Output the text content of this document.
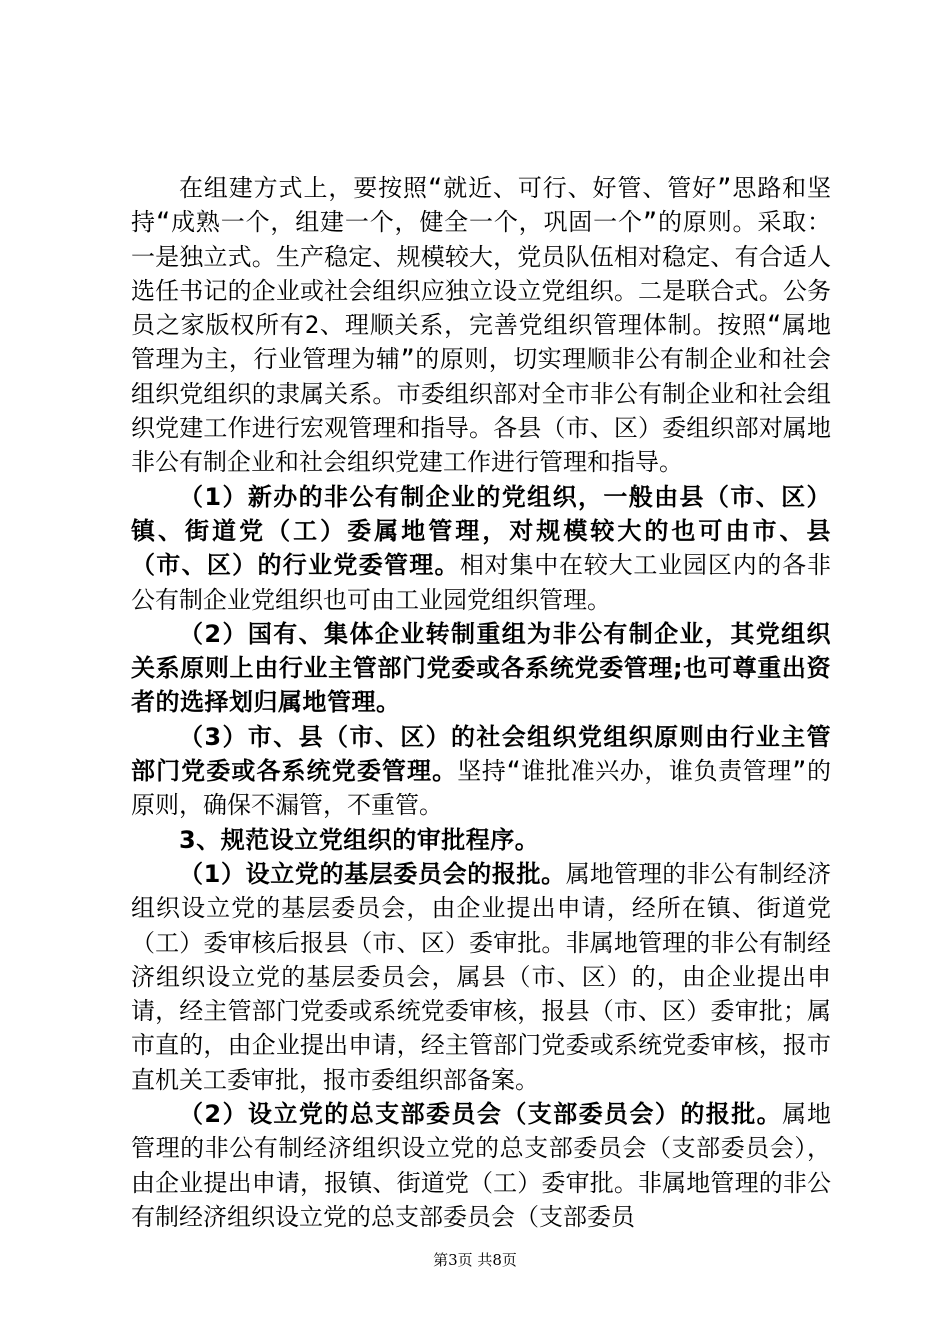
在组建方式上，要按照“就近、可行、好管、管好”思路和坚持“成熟一个，组建一个，健全一个，巩固一个”的原则。采取：一是独立式。生产稳定、规模较大，党员队伍相对稳定、有合适人选任书记的企业或社会组织应独立设立党组织。二是联合式。公务员之家版权所有2、理顺关系，完善党组织管理体制。按照“属地管理为主，行业管理为辅”的原则，切实理顺非公有制企业和社会组织党组织的隶属关系。市委组织部对全市非公有制企业和社会组织党建工作进行宏观管理和指导。各县（市、区）委组织部对属地非公有制企业和社会组织党建工作进行管理和指导。

（1）新办的非公有制企业的党组织，一般由县（市、区）镇、街道党（工）委属地管理，对规模较大的也可由市、县（市、区）的行业党委管理。相对集中在较大工业园区内的各非公有制企业党组织也可由工业园党组织管理。

（2）国有、集体企业转制重组为非公有制企业，其党组织关系原则上由行业主管部门党委或各系统党委管理;也可尊重出资者的选择划归属地管理。

（3）市、县（市、区）的社会组织党组织原则由行业主管部门党委或各系统党委管理。坚持“谁批准兴办，谁负责管理”的原则，确保不漏管，不重管。

3、规范设立党组织的审批程序。

（1）设立党的基层委员会的报批。属地管理的非公有制经济组织设立党的基层委员会，由企业提出申请，经所在镇、街道党（工）委审核后报县（市、区）委审批。非属地管理的非公有制经济组织设立党的基层委员会，属县（市、区）的，由企业提出申请，经主管部门党委或系统党委审核，报县（市、区）委审批；属市直的，由企业提出申请，经主管部门党委或系统党委审核，报市直机关工委审批，报市委组织部备案。

（2）设立党的总支部委员会（支部委员会）的报批。属地管理的非公有制经济组织设立党的总支部委员会（支部委员会），由企业提出申请，报镇、街道党（工）委审批。非属地管理的非公有制经济组织设立党的总支部委员会（支部委员

第3页 共8页
